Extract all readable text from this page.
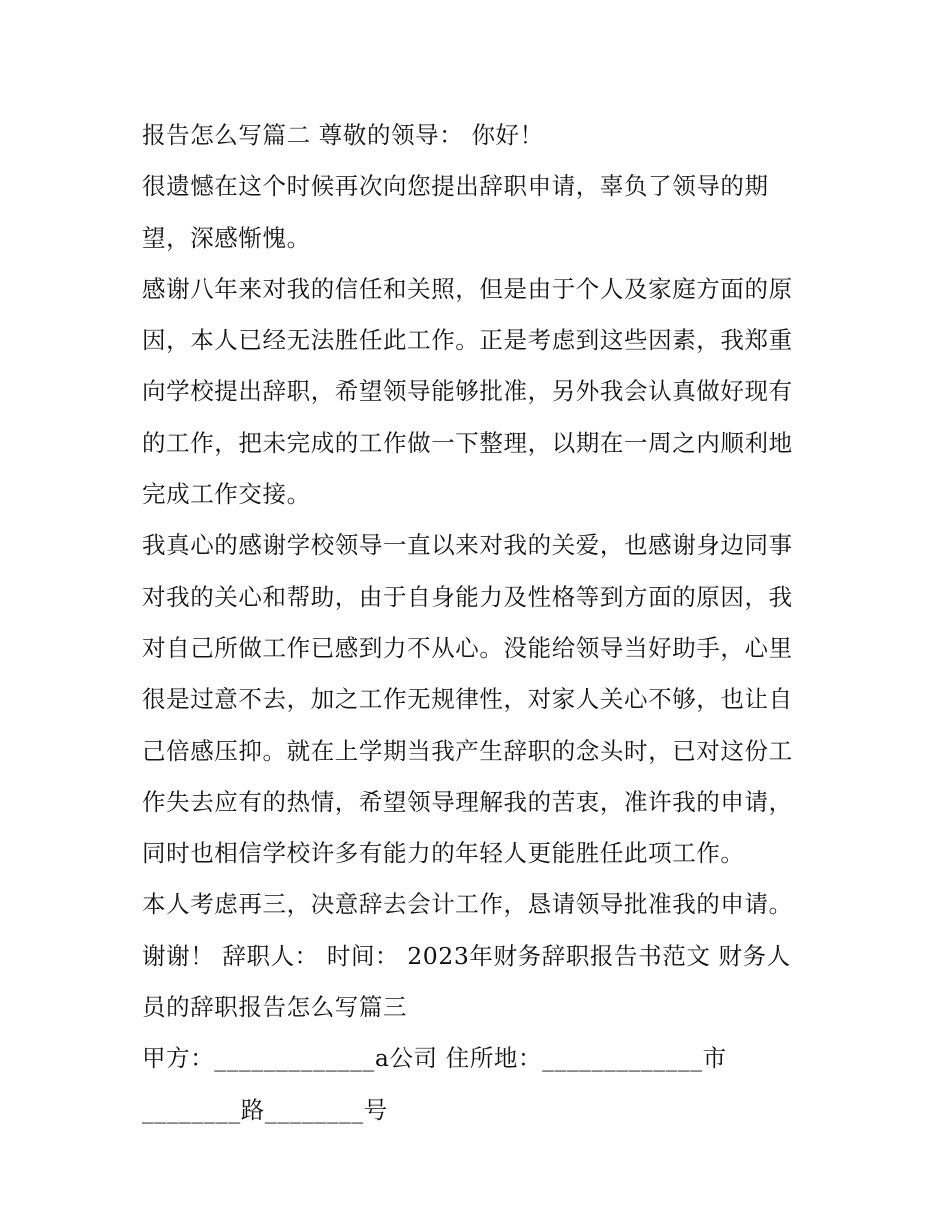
报告怎么写篇二 尊敬的领导： 你好！

很遗憾在这个时候再次向您提出辞职申请，辜负了领导的期
望，深感惭愧。

感谢八年来对我的信任和关照，但是由于个人及家庭方面的原
因，本人已经无法胜任此工作。正是考虑到这些因素，我郑重
向学校提出辞职，希望领导能够批准，另外我会认真做好现有
的工作，把未完成的工作做一下整理，以期在一周之内顺利地
完成工作交接。

我真心的感谢学校领导一直以来对我的关爱，也感谢身边同事
对我的关心和帮助，由于自身能力及性格等到方面的原因，我
对自己所做工作已感到力不从心。没能给领导当好助手，心里
很是过意不去，加之工作无规律性，对家人关心不够，也让自
己倍感压抑。就在上学期当我产生辞职的念头时，已对这份工
作失去应有的热情，希望领导理解我的苦衷，准许我的申请，
同时也相信学校许多有能力的年轻人更能胜任此项工作。

本人考虑再三，决意辞去会计工作，恳请领导批准我的申请。

谢谢！ 辞职人： 时间： 2023年财务辞职报告书范文 财务人
员的辞职报告怎么写篇三

甲方：_____________a公司 住所地：_____________市

________路________号
